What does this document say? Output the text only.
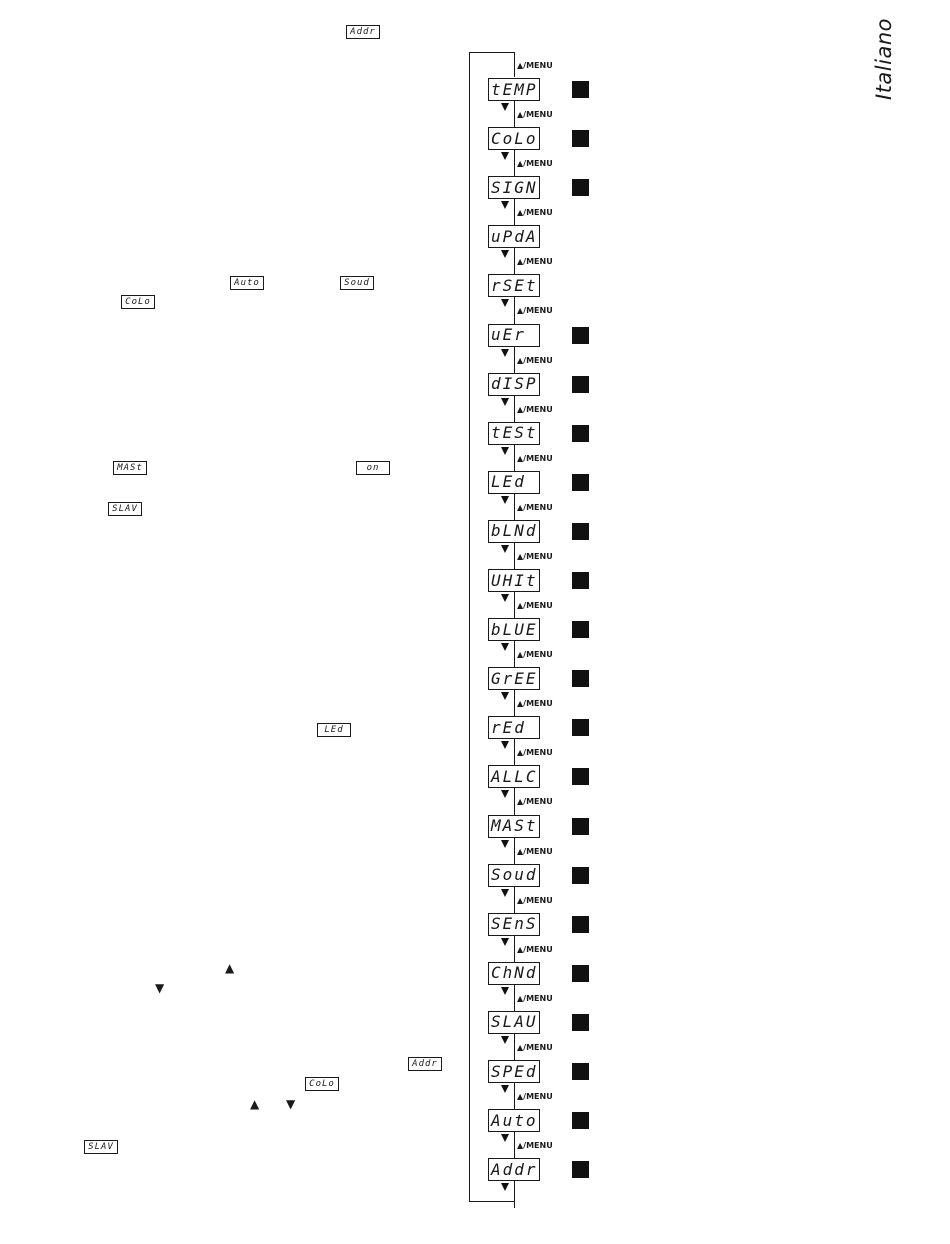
Italiano
Addr
Auto	Soud
CoLo
MASt	on
SLAV
LEd
Addr
CoLo
SLAV
▲
▼
▲ ▼
▲/MENU
tEMP
▲/MENU
CoLo
▲/MENU
SIGN
▲/MENU
uPdA
▲/MENU
rSEt
▲/MENU
uEr
▲/MENU
dISP
▲/MENU
tESt
▲/MENU
LEd
▲/MENU
bLNd
▲/MENU
UHIt
▲/MENU
bLUE
▲/MENU
GrEE
▲/MENU
rEd
▲/MENU
ALLC
▲/MENU
MASt
▲/MENU
Soud
▲/MENU
SEnS
▲/MENU
ChNd
▲/MENU
SLAU
▲/MENU
SPEd
▲/MENU
Auto
▲/MENU
Addr
